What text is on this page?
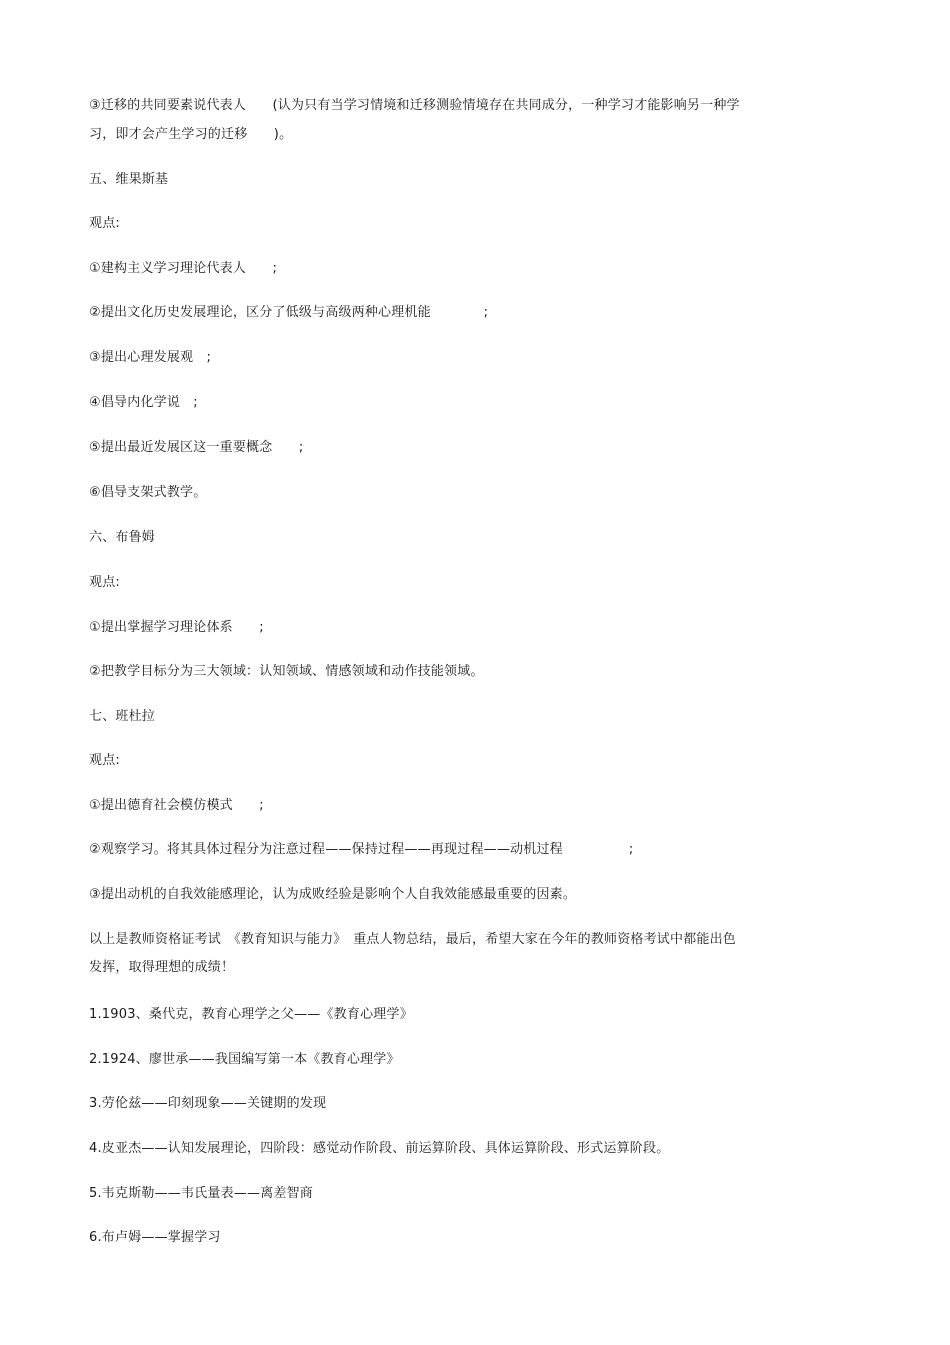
③迁移的共同要素说代表人　　(认为只有当学习情境和迁移测验情境存在共同成分，一种学习才能影响另一种学
习，即才会产生学习的迁移　　)。
五、维果斯基
观点:
①建构主义学习理论代表人　　;
②提出文化历史发展理论，区分了低级与高级两种心理机能　　　　;
③提出心理发展观　;
④倡导内化学说　;
⑤提出最近发展区这一重要概念　　;
⑥倡导支架式教学。
六、布鲁姆
观点:
①提出掌握学习理论体系　　;
②把教学目标分为三大领域：认知领域、情感领域和动作技能领域。
七、班杜拉
观点:
①提出德育社会模仿模式　　;
②观察学习。将其具体过程分为注意过程——保持过程——再现过程——动机过程　　　　　;
③提出动机的自我效能感理论，认为成败经验是影响个人自我效能感最重要的因素。
以上是教师资格证考试　《教育知识与能力》　重点人物总结，最后，希望大家在今年的教师资格考试中都能出色
发挥，取得理想的成绩！
1.1903、桑代克，教育心理学之父——《教育心理学》
2.1924、廖世承——我国编写第一本《教育心理学》
3.劳伦兹——印刻现象——关键期的发现
4.皮亚杰——认知发展理论，四阶段：感觉动作阶段、前运算阶段、具体运算阶段、形式运算阶段。
5.韦克斯勒——韦氏量表——离差智商
6.布卢姆——掌握学习
